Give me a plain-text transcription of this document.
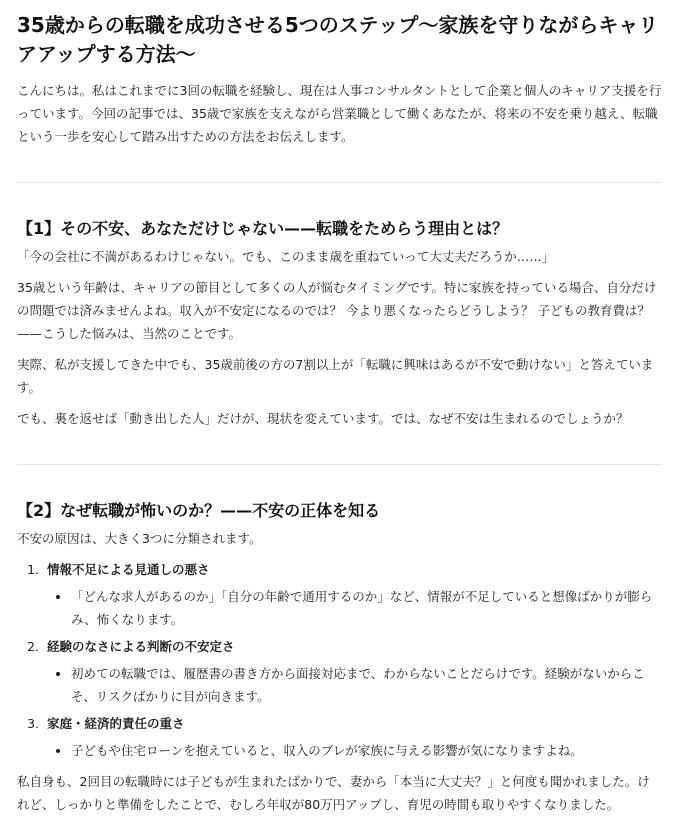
35歳からの転職を成功させる5つのステップ〜家族を守りながらキャリアアップする方法〜

こんにちは。私はこれまでに3回の転職を経験し、現在は人事コンサルタントとして企業と個人のキャリア支援を行っています。今回の記事では、35歳で家族を支えながら営業職として働くあなたが、将来の不安を乗り越え、転職という一歩を安心して踏み出すための方法をお伝えします。

【1】その不安、あなただけじゃない——転職をためらう理由とは？

「今の会社に不満があるわけじゃない。でも、このまま歳を重ねていって大丈夫だろうか……」

35歳という年齢は、キャリアの節目として多くの人が悩むタイミングです。特に家族を持っている場合、自分だけの問題では済みませんよね。収入が不安定になるのでは？ 今より悪くなったらどうしよう？ 子どもの教育費は？ ——こうした悩みは、当然のことです。

実際、私が支援してきた中でも、35歳前後の方の7割以上が「転職に興味はあるが不安で動けない」と答えています。

でも、裏を返せば「動き出した人」だけが、現状を変えています。では、なぜ不安は生まれるのでしょうか？

【2】なぜ転職が怖いのか？——不安の正体を知る

不安の原因は、大きく3つに分類されます。

1. 情報不足による見通しの悪さ
• 「どんな求人があるのか」「自分の年齢で通用するのか」など、情報が不足していると想像ばかりが膨らみ、怖くなります。
2. 経験のなさによる判断の不安定さ
• 初めての転職では、履歴書の書き方から面接対応まで、わからないことだらけです。経験がないからこそ、リスクばかりに目が向きます。
3. 家庭・経済的責任の重さ
• 子どもや住宅ローンを抱えていると、収入のブレが家族に与える影響が気になりますよね。

私自身も、2回目の転職時には子どもが生まれたばかりで、妻から「本当に大丈夫？」と何度も聞かれました。けれど、しっかりと準備をしたことで、むしろ年収が80万円アップし、育児の時間も取りやすくなりました。
